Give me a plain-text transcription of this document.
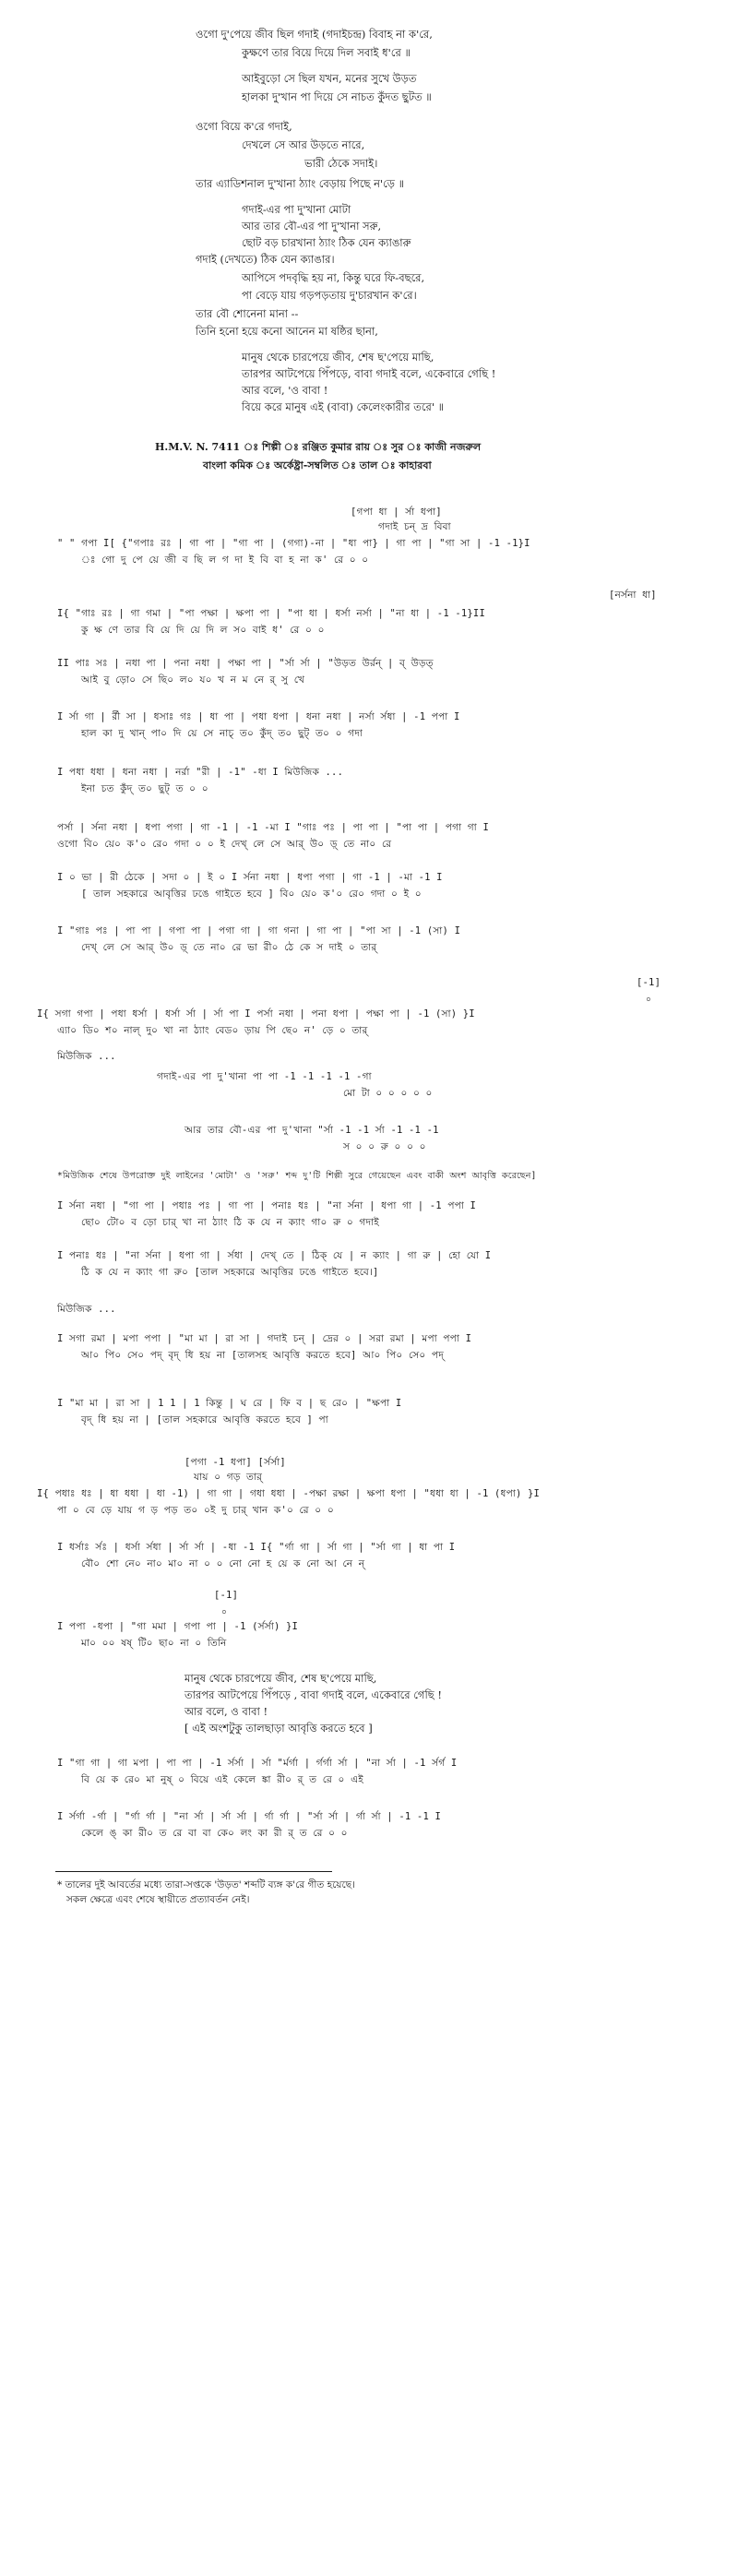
ওগো দু'পেয়ে জীব ছিল গদাই (গদাইচন্দ্র) বিবাহ না ক'রে,
কুক্ষণে তার বিয়ে দিয়ে দিল সবাই ধ'রে ॥
আইবুড়ো সে ছিল যখন, মনের সুখে উড়ত
হালকা দু'খান পা দিয়ে সে নাচত কুঁদত ছুটত ॥
ওগো বিয়ে ক'রে গদাই,
দেখলে সে আর উড়তে নারে,
ভারী ঠেকে সদাই।
তার এ্যাডিশনাল দু'খানা ঠ্যাং বেড়ায় পিছে ন'ড়ে ॥
গদাই-এর পা দু'খানা মোটা
আর তার বৌ-এর পা দু'খানা সরু,
ছোট বড় চারখানা ঠ্যাং ঠিক যেন ক্যাঙারু
গদাই (দেখতে) ঠিক যেন ক্যাঙার।
আপিসে পদবৃদ্ধি হয় না, কিন্তু ঘরে ফি-বছরে,
পা বেড়ে যায় গড়পড়তায় দু'চারখান ক'রে।
তার বৌ শোনেনা মানা --
তিনি হনো হয়ে কনো আনেন মা ষষ্ঠির ছানা,
মানুষ থেকে চারপেয়ে জীব, শেষ ছ'পেয়ে মাছি,
তারপর আটপেয়ে পিঁপড়ে, বাবা গদাই বলে, একেবারে গেছি !
আর বলে, 'ও বাবা !
বিয়ে করে মানুষ এই (বাবা) কেলেংকারীর তরে' ॥
H.M.V. N. 7411 ঃ শিল্পী ঃ রঞ্জিত কুমার রায় ঃ সুর ঃ কাজী নজরুল
বাংলা কমিক ঃ অর্কেষ্ট্রা-সম্বলিত ঃ তাল ঃ কাহারবা
[গপা ধা | র্সা ধপা]
গদাই চন্ দ্র বিবা
" " গপা I[ {"গপাঃ রঃ | গা পা | "গা পা | (গগা)-না | "ধা পা} | গা পা | "গা সা | -1 -1}I
ঃ গো দু পে য়ে জী ব ছি ল গ দা ই বি বা হ না ক' রে ০ ০
[নর্সনা ধা]
I{ "গাঃ রঃ | গা গমা | "পা পক্ষা | ক্ষপা পা | "পা ধা | ধর্সা নর্সা | "না ধা | -1 -1}II
কু ক্ষ ণে তার বি য়ে দি য়ে দি ল স০ বাই ধ' রে ০ ০
II পাঃ সঃ | নধা পা | পনা নধা | পক্ষা পা | "র্সা র্সা | "উড়ত উর্রন্ | ব্ উড়ত্
আই বু ড়ো০ সে ছি০ ল০ য০ খ ন ম নে র্ সু খে
I র্সা গা | র্রী সা | ধসাঃ গঃ | ধা পা | পধা ধপা | ধনা নধা | নর্সা র্সধা | -1 পপা I
হাল কা দু খান্ পা০ দি য়ে সে নাচ্ ত০ কুঁদ্ ত০ ছুট্ ত০ ০ গদা
I পধা ধধা | ধনা নধা | নর্রা "রী | -1" -ধা I মিউজিক ...
ইনা চত কুঁদ্ ত০ ছুট্ ত ০ ০
পর্সা | র্সনা নধা | ধপা পগা | গা -1 | -1 -মা I "গাঃ পঃ | পা পা | "পা পা | পগা গা I
ওগো বি০ য়ে০ ক'০ রে০ গদা ০ ০ ই দেখ্ লে সে আর্ উ০ ড়্ তে না০ রে
I ০ ভা | রী ঠেকে | সদা ০ | ই ০ I র্সনা নধা | ধপা পগা | গা -1 | -মা -1 I
[ তাল সহকারে আবৃত্তির ঢঙে গাইতে হবে ] বি০ য়ে০ ক'০ রে০ গদা ০ ই ০
I "গাঃ পঃ | পা পা | গপা পা | পগা গা | গা গনা | গা পা | "পা সা | -1 (সা) I
দেখ্ লে সে আর্ উ০ ড়্ তে না০ রে ভা রী০ ঠে কে স দাই ০ তার্
[-1]
০
I{ সগা গপা | পধা ধর্সা | ধর্সা র্সা | র্সা পা I পর্সা নধা | পনা ধপা | পক্ষা পা | -1 (সা) }I
এ্যা০ ডি০ শ০ নাল্ দু০ খা না ঠ্যাং বেড০ ড়ায় পি ছে০ ন' ড়ে ০ তার্
মিউজিক ...
গদাই-এর পা দু'খানা পা পা -1 -1 -1 -1 -গা
মো টা ০ ০ ০ ০ ০
আর তার বৌ-এর পা দু'খানা "র্সা -1 -1 র্সা -1 -1 -1
স ০ ০ রু ০ ০ ০
*মিউজিক শেষে উপরোক্ত দুই লাইনের 'মোটা' ও 'সরু' শব্দ দু'টি শিল্পী সুরে গেয়েছেন এবং বাকী অংশ আবৃত্তি করেছেন]
I র্সনা নধা | "গা পা | পধাঃ পঃ | গা পা | পনাঃ ধঃ | "না র্সনা | ধপা গা | -1 পপা I
ছো০ টো০ ব ড়ো চার্ খা না ঠ্যাং ঠি ক যে ন ক্যাং গা০ রু ০ গদাই
I পনাঃ ধঃ | "না র্সনা | ধপা গা | র্সধা | দেখ্ তে | ঠিক্ যে | ন ক্যাং | গা রু | হো যো I
ঠি ক যে ন ক্যাং গা রু০ [তাল সহকারে আবৃত্তির ঢঙে গাইতে হবে।]
মিউজিক ...
I সগা রমা | মপা পপা | "মা মা | রা সা | গদাই চন্ | দ্রের ০ | সরা রমা | মপা পপা I
আ০ পি০ সে০ পদ্ বৃদ্ ধি হয় না [তালসহ আবৃত্তি করতে হবে] আ০ পি০ সে০ পদ্
I "মা মা | রা সা | 1 1 | 1 কিন্তু | ঘ রে | ফি ব | ছ রে০ | "ক্ষপা I
বৃদ্ ধি হয় না | [তাল সহকারে আবৃত্তি করতে হবে ] পা
[পগা -1 ধপা] [র্সর্সা]
যায় ০ গড় তার্
I{ পধাঃ ধঃ | ধা ধধা | ধা -1) | গা গা | গধা ধধা | -পক্ষা রক্ষা | ক্ষপা ধপা | "ধধা ধা | -1 (ধপা) }I
পা ০ বে ড়ে যায় গ ড় পড় ত০ ০ই দু চার্ খান ক'০ রে ০ ০
I ধর্সাঃ র্সঃ | ধর্সা র্সধা | র্সা র্সা | -ধা -1 I{ "র্গা গা | র্সা গা | "র্সা গা | ধা পা I
বৌ০ শো নে০ না০ মা০ না ০ ০ নো নো হ য়ে ক নো আ নে ন্
[-1]
০
I পপা -ধপা | "গা মমা | গপা পা | -1 (র্সর্সা) }I
মা০ ০০ ষষ্ টি০ ছা০ না ০ তিনি
মানুষ থেকে চারপেয়ে জীব, শেষ ছ'পেয়ে মাছি,
তারপর আটপেয়ে পিঁপড়ে , বাবা গদাই বলে, একেবারে গেছি !
আর বলে, ও বাবা !
[ এই অংশটুকু তালছাড়া আবৃত্তি করতে হবে ]
I "গা গা | গা মপা | পা পা | -1 র্সর্সা | র্সা "র্মর্গা | র্গর্গা র্সা | "না র্সা | -1 র্সর্গ I
বি য়ে ক রে০ মা নুষ্ ০ বিয়ে এই কেলে ঙ্কা রী০ র্ ত রে ০ এই
I র্সর্গা -র্গা | "র্গা র্গা | "না র্সা | র্সা র্সা | র্গা র্গা | "র্সা র্সা | র্গা র্সা | -1 -1 I
কেলে ঙ্ কা রী০ ত রে বা বা কে০ লং কা রী র্ ত রে ০ ০
* তালের দুই আবর্তের মধ্যে তারা-সপ্তকে 'উড়ত' শব্দটি ব্যঙ্গ ক'রে গীত হয়েছে।
সকল ক্ষেত্রে এবং শেষে স্থায়ীতে প্রত্যাবর্তন নেই।
